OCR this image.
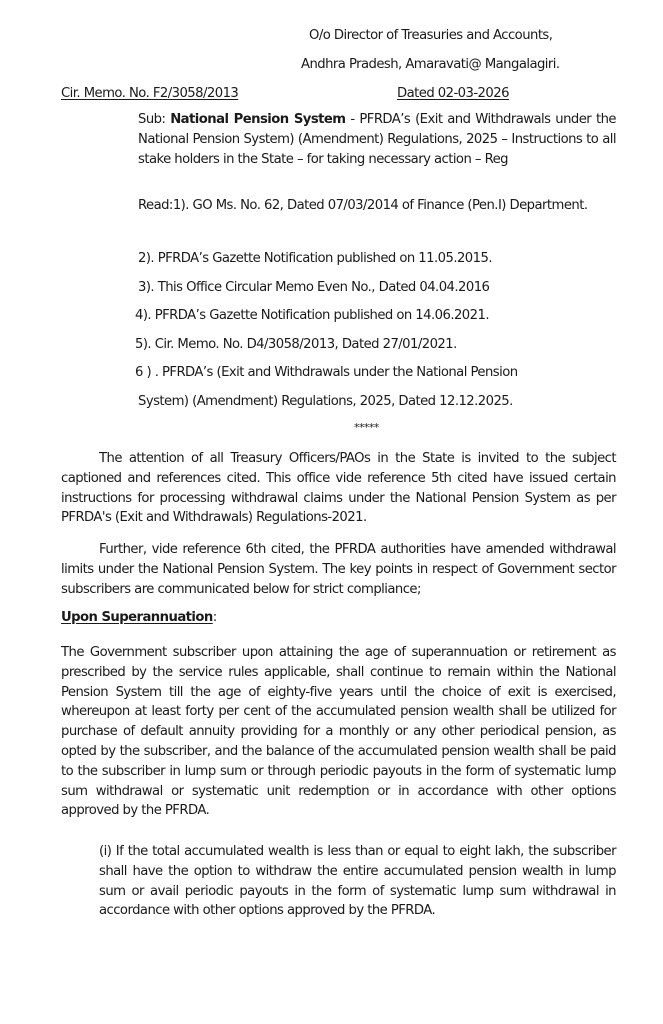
O/o Director of Treasuries and Accounts,
Andhra Pradesh, Amaravati@ Mangalagiri.
Cir. Memo. No. F2/3058/2013	Dated 02-03-2026
Sub: National Pension System - PFRDA’s (Exit and Withdrawals under the National Pension System) (Amendment) Regulations, 2025 – Instructions to all stake holders in the State – for taking necessary action – Reg
Read:1). GO Ms. No. 62, Dated 07/03/2014 of Finance (Pen.I) Department.
2). PFRDA’s Gazette Notification published on 11.05.2015.
3). This Office Circular Memo Even No., Dated 04.04.2016
4). PFRDA’s Gazette Notification published on 14.06.2021.
5). Cir. Memo. No. D4/3058/2013, Dated 27/01/2021.
6 ) . PFRDA’s (Exit and Withdrawals under the National Pension
System) (Amendment) Regulations, 2025, Dated 12.12.2025.
*****
The attention of all Treasury Officers/PAOs in the State is invited to the subject captioned and references cited. This office vide reference 5th cited have issued certain instructions for processing withdrawal claims under the National Pension System as per PFRDA's (Exit and Withdrawals) Regulations-2021.
Further, vide reference 6th cited, the PFRDA authorities have amended withdrawal limits under the National Pension System. The key points in respect of Government sector subscribers are communicated below for strict compliance;
Upon Superannuation:
The Government subscriber upon attaining the age of superannuation or retirement as prescribed by the service rules applicable, shall continue to remain within the National Pension System till the age of eighty-five years until the choice of exit is exercised, whereupon at least forty per cent of the accumulated pension wealth shall be utilized for purchase of default annuity providing for a monthly or any other periodical pension, as opted by the subscriber, and the balance of the accumulated pension wealth shall be paid to the subscriber in lump sum or through periodic payouts in the form of systematic lump sum withdrawal or systematic unit redemption or in accordance with other options approved by the PFRDA.
(i) If the total accumulated wealth is less than or equal to eight lakh, the subscriber shall have the option to withdraw the entire accumulated pension wealth in lump sum or avail periodic payouts in the form of systematic lump sum withdrawal in accordance with other options approved by the PFRDA.
